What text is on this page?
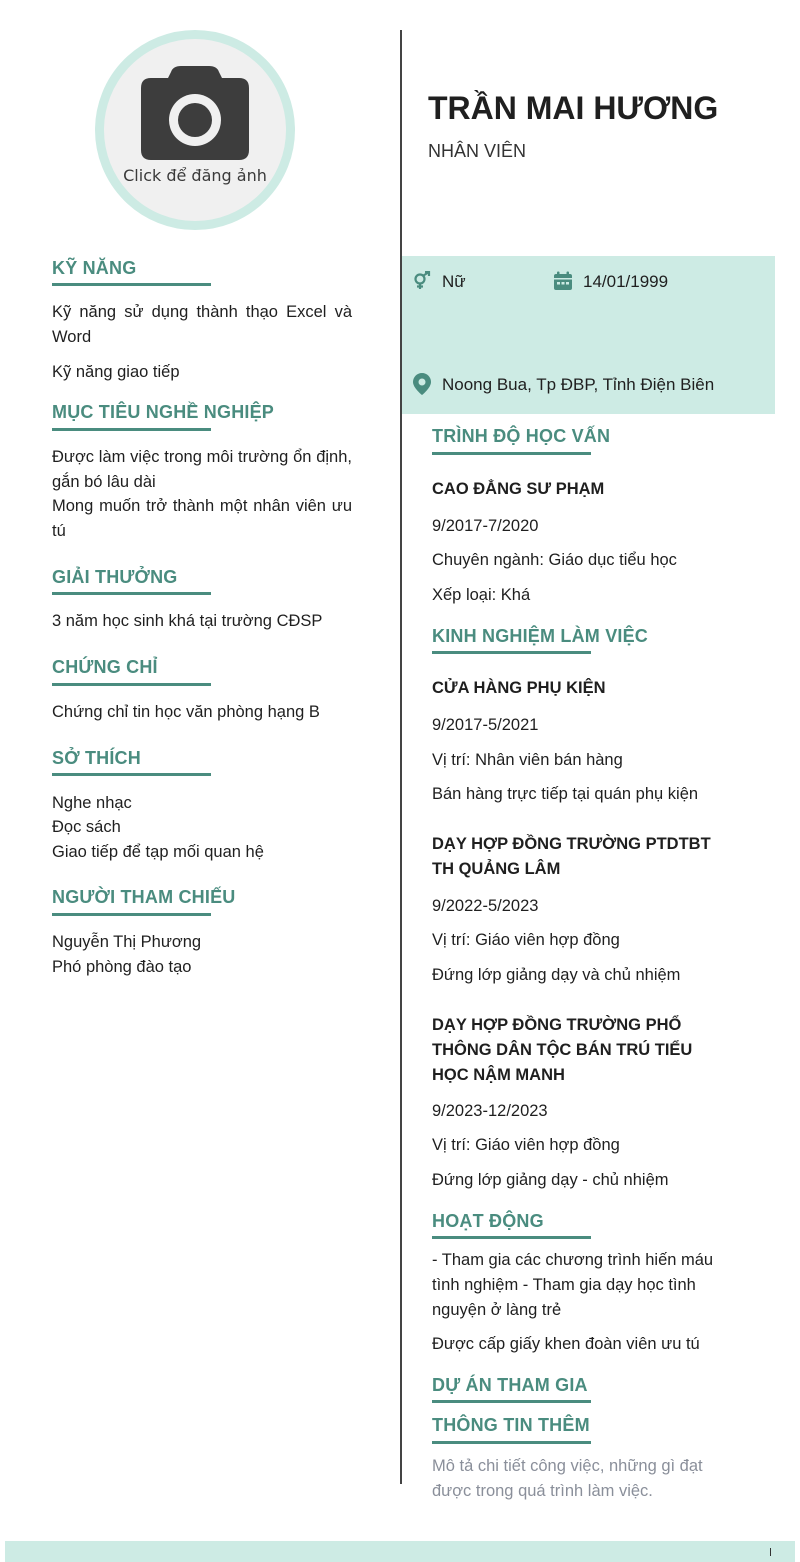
Click để đăng ảnh
KỸ NĂNG
Kỹ năng sử dụng thành thạo Excel và Word
Kỹ năng giao tiếp
MỤC TIÊU NGHỀ NGHIỆP
Được làm việc trong môi trường ổn định, gắn bó lâu dài
Mong muốn trở thành một nhân viên ưu tú
GIẢI THƯỞNG
3 năm học sinh khá tại trường CĐSP
CHỨNG CHỈ
Chứng chỉ tin học văn phòng hạng B
SỞ THÍCH
Nghe nhạc
Đọc sách
Giao tiếp để tạp mối quan hệ
NGƯỜI THAM CHIẾU
Nguyễn Thị Phương
Phó phòng đào tạo
TRẦN MAI HƯƠNG
NHÂN VIÊN
Nữ	14/01/1999
Noong Bua, Tp ĐBP, Tỉnh Điện Biên
TRÌNH ĐỘ HỌC VẤN
CAO ĐẲNG SƯ PHẠM
9/2017-7/2020
Chuyên ngành: Giáo dục tiểu học
Xếp loại: Khá
KINH NGHIỆM LÀM VIỆC
CỬA HÀNG PHỤ KIỆN
9/2017-5/2021
Vị trí: Nhân viên bán hàng
Bán hàng trực tiếp tại quán phụ kiện
DẠY HỢP ĐỒNG TRƯỜNG PTDTBT TH QUẢNG LÂM
9/2022-5/2023
Vị trí: Giáo viên hợp đồng
Đứng lớp giảng dạy và chủ nhiệm
DẠY HỢP ĐỒNG TRƯỜNG PHỔ THÔNG DÂN TỘC BÁN TRÚ TIỂU HỌC NẬM MANH
9/2023-12/2023
Vị trí: Giáo viên hợp đồng
Đứng lớp giảng dạy - chủ nhiệm
HOẠT ĐỘNG
- Tham gia các chương trình hiến máu tình nghiệm - Tham gia dạy học tình nguyện ở làng trẻ
Được cấp giấy khen đoàn viên ưu tú
DỰ ÁN THAM GIA
THÔNG TIN THÊM
Mô tả chi tiết công việc, những gì đạt được trong quá trình làm việc.
